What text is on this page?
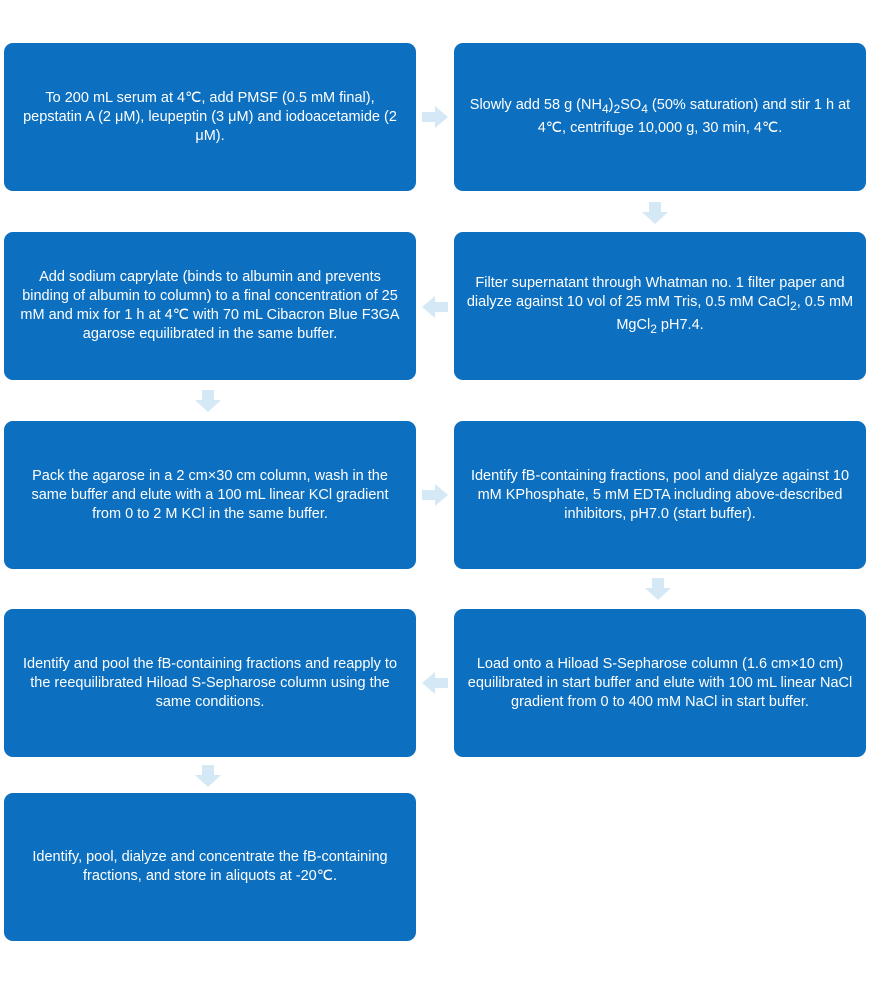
To 200 mL serum at 4℃, add PMSF (0.5 mM final), pepstatin A (2 μM), leupeptin (3 μM) and iodoacetamide (2 μM).
Slowly add 58 g $(NH_4)_2SO_4$ (50% saturation) and stir 1 h at 4℃, centrifuge 10,000 g, 30 min, 4℃.
Filter supernatant through Whatman no. 1 filter paper and dialyze against 10 vol of 25 mM Tris, 0.5 mM CaCl$_2$, 0.5 mM MgCl$_2$ pH7.4.
Add sodium caprylate (binds to albumin and prevents binding of albumin to column) to a final concentration of 25 mM and mix for 1 h at 4℃ with 70 mL Cibacron Blue F3GA agarose equilibrated in the same buffer.
Pack the agarose in a 2 cm×30 cm column, wash in the same buffer and elute with a 100 mL linear KCl gradient from 0 to 2 M KCl in the same buffer.
Identify fB-containing fractions, pool and dialyze against 10 mM KPhosphate, 5 mM EDTA including above-described inhibitors, pH7.0 (start buffer).
Load onto a Hiload S-Sepharose column (1.6 cm×10 cm) equilibrated in start buffer and elute with 100 mL linear NaCl gradient from 0 to 400 mM NaCl in start buffer.
Identify and pool the fB-containing fractions and reapply to the reequilibrated Hiload S-Sepharose column using the same conditions.
Identify, pool, dialyze and concentrate the fB-containing fractions, and store in aliquots at -20℃.
